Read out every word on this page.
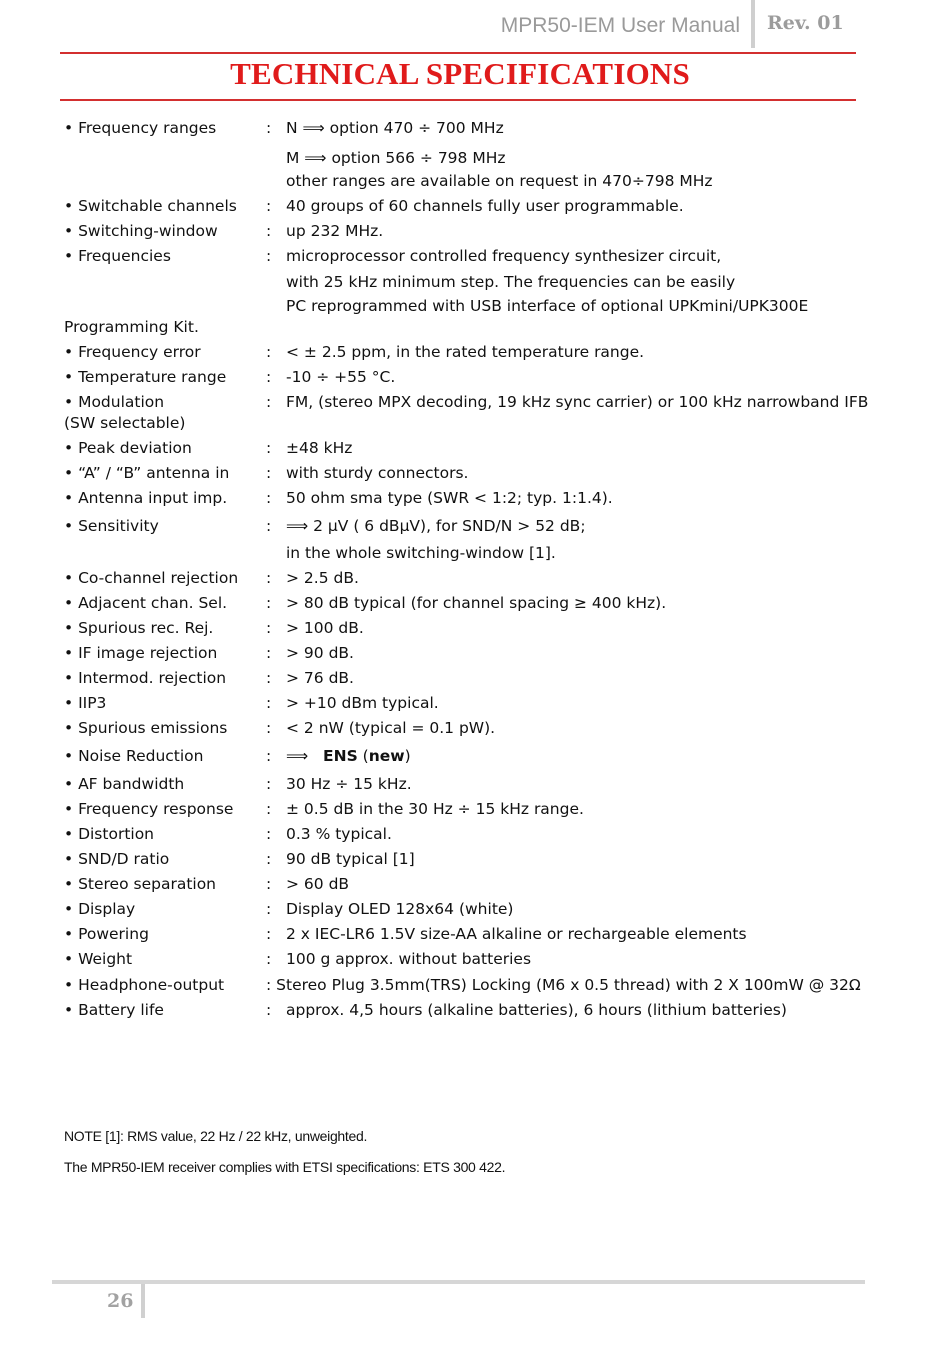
MPR50-IEM User Manual Rev. 01
TECHNICAL SPECIFICATIONS
• Frequency ranges	: N ⟹ option 470 ÷ 700 MHz
M ⟹ option 566 ÷ 798 MHz
other ranges are available on request in 470÷798 MHz
• Switchable channels : 40 groups of 60 channels fully user programmable.
• Switching-window	: up 232 MHz.
• Frequencies	: microprocessor controlled frequency synthesizer circuit,
with 25 kHz minimum step. The frequencies can be easily
PC reprogrammed with USB interface of optional UPKmini/UPK300E
Programming Kit.
• Frequency error	: < ± 2.5 ppm, in the rated temperature range.
• Temperature range	: -10 ÷ +55 °C.
• Modulation	: FM, (stereo MPX decoding, 19 kHz sync carrier) or 100 kHz narrowband IFB
(SW selectable)
• Peak deviation	: ±48 kHz
• “A” / “B” antenna in : with sturdy connectors.
• Antenna input imp.	: 50 ohm sma type (SWR < 1:2; typ. 1:1.4).
• Sensitivity	: ⟹ 2 µV ( 6 dBµV), for SND/N > 52 dB;
in the whole switching-window [1].
• Co-channel rejection : > 2.5 dB.
• Adjacent chan. Sel.	: > 80 dB typical (for channel spacing ≥ 400 kHz).
• Spurious rec. Rej.	: > 100 dB.
• IF image rejection	: > 90 dB.
• Intermod. rejection	: > 76 dB.
• IIP3	: > +10 dBm typical.
• Spurious emissions : < 2 nW (typical = 0.1 pW).
• Noise Reduction	: ⟹   ENS (new)
• AF bandwidth	: 30 Hz ÷ 15 kHz.
• Frequency response : ± 0.5 dB in the 30 Hz ÷ 15 kHz range.
• Distortion	: 0.3 % typical.
• SND/D ratio	: 90 dB typical [1]
• Stereo separation	: > 60 dB
• Display	: Display OLED 128x64 (white)
• Powering	: 2 x IEC-LR6 1.5V size-AA alkaline or rechargeable elements
• Weight	: 100 g approx. without batteries
• Headphone-output	: Stereo Plug 3.5mm(TRS) Locking (M6 x 0.5 thread) with 2 X 100mW @ 32Ω
• Battery life	: approx. 4,5 hours (alkaline batteries), 6 hours (lithium batteries)
NOTE [1]: RMS value, 22 Hz / 22 kHz, unweighted.
The MPR50-IEM receiver complies with ETSI specifications: ETS 300 422.
26
